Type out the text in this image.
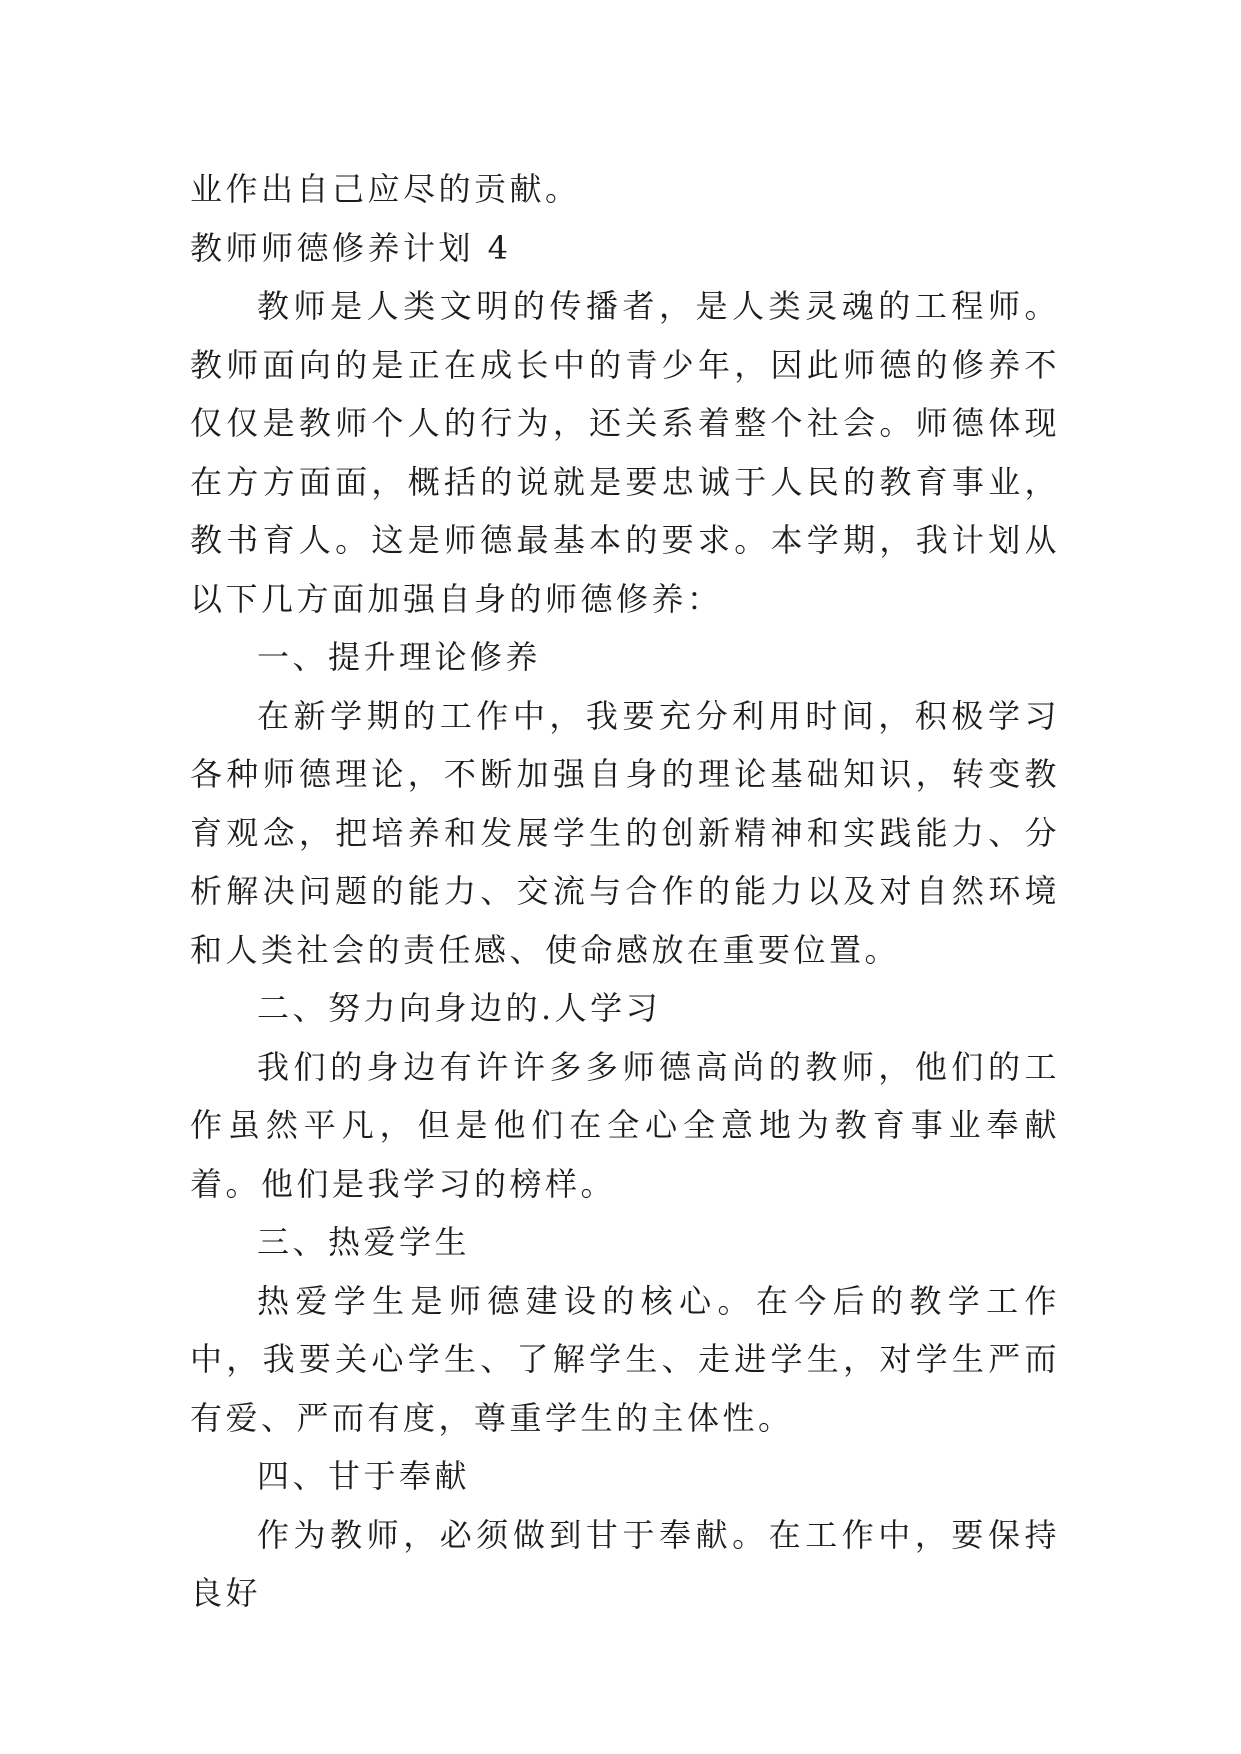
业作出自己应尽的贡献。

教师师德修养计划 4

教师是人类文明的传播者，是人类灵魂的工程师。教师面向的是正在成长中的青少年，因此师德的修养不仅仅是教师个人的行为，还关系着整个社会。师德体现在方方面面，概括的说就是要忠诚于人民的教育事业，教书育人。这是师德最基本的要求。本学期，我计划从以下几方面加强自身的师德修养：

一、提升理论修养

在新学期的工作中，我要充分利用时间，积极学习各种师德理论，不断加强自身的理论基础知识，转变教育观念，把培养和发展学生的创新精神和实践能力、分析解决问题的能力、交流与合作的能力以及对自然环境和人类社会的责任感、使命感放在重要位置。

二、努力向身边的.人学习

我们的身边有许许多多师德高尚的教师，他们的工作虽然平凡，但是他们在全心全意地为教育事业奉献着。他们是我学习的榜样。

三、热爱学生

热爱学生是师德建设的核心。在今后的教学工作中，我要关心学生、了解学生、走进学生，对学生严而有爱、严而有度，尊重学生的主体性。

四、甘于奉献

作为教师，必须做到甘于奉献。在工作中，要保持良好
